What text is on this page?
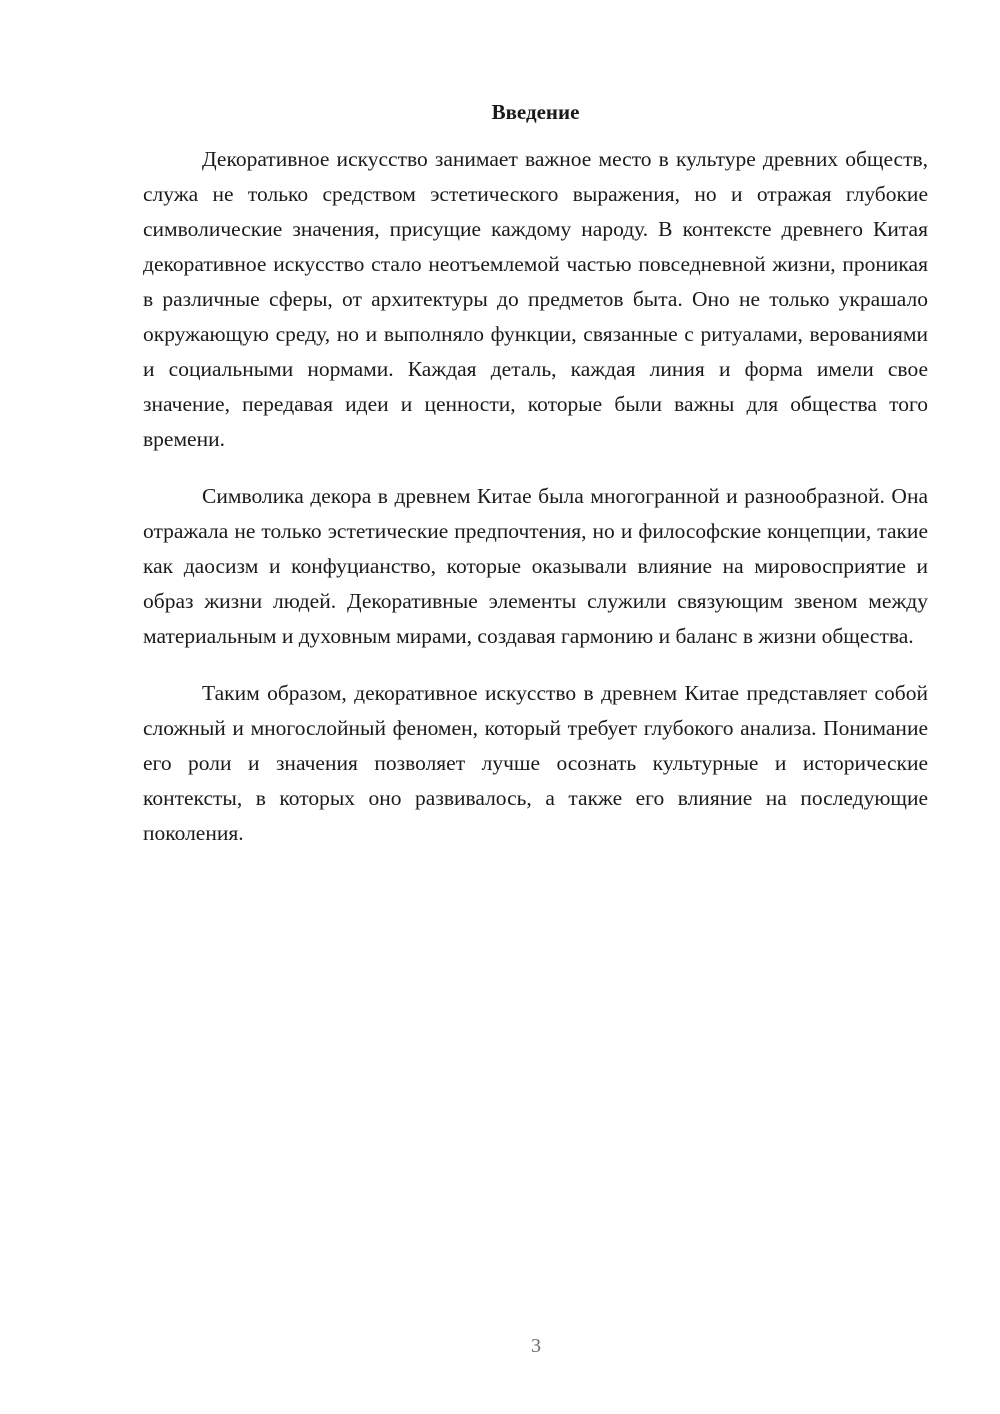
Введение

Декоративное искусство занимает важное место в культуре древних обществ, служа не только средством эстетического выражения, но и отражая глубокие символические значения, присущие каждому народу. В контексте древнего Китая декоративное искусство стало неотъемлемой частью повседневной жизни, проникая в различные сферы, от архитектуры до предметов быта. Оно не только украшало окружающую среду, но и выполняло функции, связанные с ритуалами, верованиями и социальными нормами. Каждая деталь, каждая линия и форма имели свое значение, передавая идеи и ценности, которые были важны для общества того времени.

Символика декора в древнем Китае была многогранной и разнообразной. Она отражала не только эстетические предпочтения, но и философские концепции, такие как даосизм и конфуцианство, которые оказывали влияние на мировосприятие и образ жизни людей. Декоративные элементы служили связующим звеном между материальным и духовным мирами, создавая гармонию и баланс в жизни общества.

Таким образом, декоративное искусство в древнем Китае представляет собой сложный и многослойный феномен, который требует глубокого анализа. Понимание его роли и значения позволяет лучше осознать культурные и исторические контексты, в которых оно развивалось, а также его влияние на последующие поколения.

3
